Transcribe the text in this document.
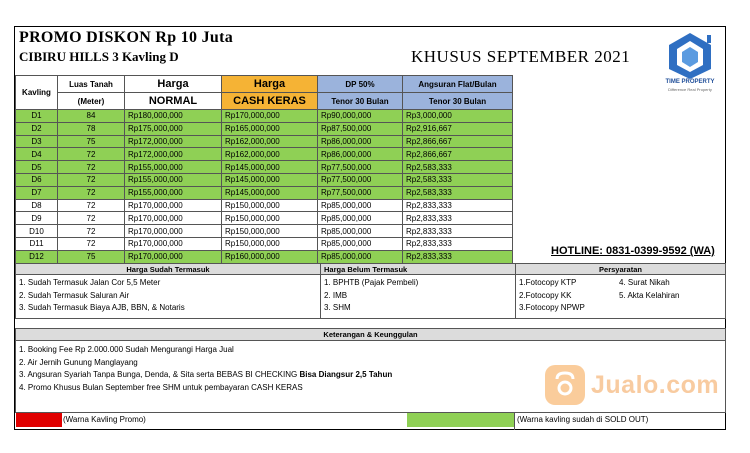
PROMO DISKON Rp 10 Juta
CIBIRU HILLS 3 Kavling D	KHUSUS SEPTEMBER 2021
TIME PROPERTY
Difference Real Property
Kavling	Luas Tanah	Harga	Harga	DP 50%	Angsuran Flat/Bulan
	(Meter)	NORMAL	CASH KERAS	Tenor 30 Bulan	Tenor 30 Bulan
D1	84	Rp180,000,000	Rp170,000,000	Rp90,000,000	Rp3,000,000
D2	78	Rp175,000,000	Rp165,000,000	Rp87,500,000	Rp2,916,667
D3	75	Rp172,000,000	Rp162,000,000	Rp86,000,000	Rp2,866,667
D4	72	Rp172,000,000	Rp162,000,000	Rp86,000,000	Rp2,866,667
D5	72	Rp155,000,000	Rp145,000,000	Rp77,500,000	Rp2,583,333
D6	72	Rp155,000,000	Rp145,000,000	Rp77,500,000	Rp2,583,333
D7	72	Rp155,000,000	Rp145,000,000	Rp77,500,000	Rp2,583,333
D8	72	Rp170,000,000	Rp150,000,000	Rp85,000,000	Rp2,833,333
D9	72	Rp170,000,000	Rp150,000,000	Rp85,000,000	Rp2,833,333
D10	72	Rp170,000,000	Rp150,000,000	Rp85,000,000	Rp2,833,333
D11	72	Rp170,000,000	Rp150,000,000	Rp85,000,000	Rp2,833,333
D12	75	Rp170,000,000	Rp160,000,000	Rp85,000,000	Rp2,833,333	HOTLINE: 0831-0399-9592 (WA)
Harga Sudah Termasuk
1. Sudah Termasuk Jalan Cor 5,5 Meter
2. Sudah Termasuk Saluran Air
3. Sudah Termasuk Biaya AJB, BBN, & Notaris
Harga Belum Termasuk
1. BPHTB (Pajak Pembeli)
2. IMB
3. SHM
Persyaratan
1.Fotocopy KTP	4. Surat Nikah
2.Fotocopy KK	5. Akta Kelahiran
3.Fotocopy NPWP
Keterangan & Keunggulan
1. Booking Fee Rp 2.000.000 Sudah Mengurangi Harga Jual
2. Air Jernih Gunung Manglayang
3. Angsuran Syariah Tanpa Bunga, Denda, & Sita serta BEBAS BI CHECKING Bisa Diangsur 2,5 Tahun
4. Promo Khusus Bulan September free SHM untuk pembayaran CASH KERAS
(Warna Kavling Promo)	(Warna kavling sudah di SOLD OUT)
Jualo.com
